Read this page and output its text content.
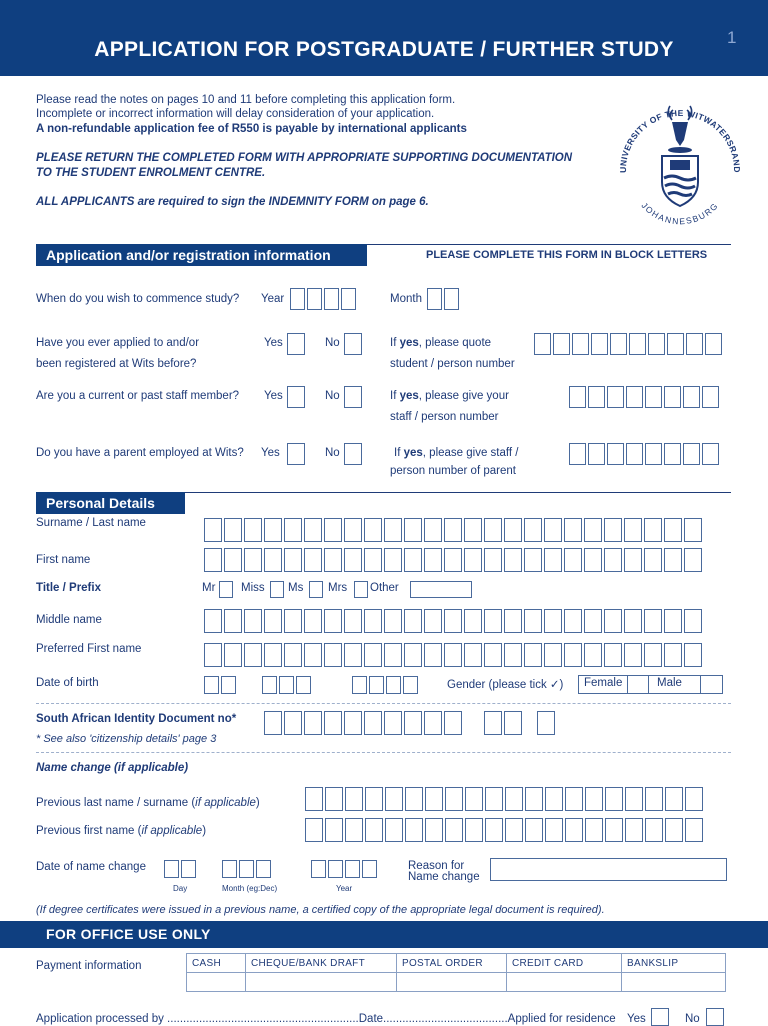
APPLICATION FOR POSTGRADUATE / FURTHER STUDY
1
Please read the notes on pages 10 and 11 before completing this application form.
Incomplete or incorrect information will delay consideration of your application.
A non-refundable application fee of R550 is payable by international applicants
PLEASE RETURN THE COMPLETED FORM WITH APPROPRIATE SUPPORTING DOCUMENTATION
TO THE STUDENT ENROLMENT CENTRE.
ALL APPLICANTS are required to sign the INDEMNITY FORM on page 6.
UNIVERSITY OF THE WITWATERSRAND
JOHANNESBURG
Application and/or registration information	PLEASE COMPLETE THIS FORM IN BLOCK LETTERS
When do you wish to commence study? Year	Month
Have you ever applied to and/or
been registered at Wits before?
Yes	No	If yes, please quote
student / person number
Are you a current or past staff member? Yes	No	If yes, please give your
staff / person number
Do you have a parent employed at Wits? Yes	No	If yes, please give staff /
person number of parent
Personal Details
Surname / Last name
First name
Title / Prefix	Mr Miss Ms Mrs Other
Middle name
Preferred First name
Date of birth	Gender (please tick ✓) Female	Male
South African Identity Document no*
* See also 'citizenship details' page 3
Name change (if applicable)
Previous last name / surname (if applicable)
Previous first name (if applicable)
Date of name change
Day	Month (eg:Dec)	Year
Reason for
Name change
(If degree certificates were issued in a previous name, a certified copy of the appropriate legal document is required).
FOR OFFICE USE ONLY
Payment information	CASH	CHEQUE/BANK DRAFT	POSTAL ORDER	CREDIT CARD	BANKSLIP

Application processed by ............................................................Date.......................................Applied for residence Yes	No
